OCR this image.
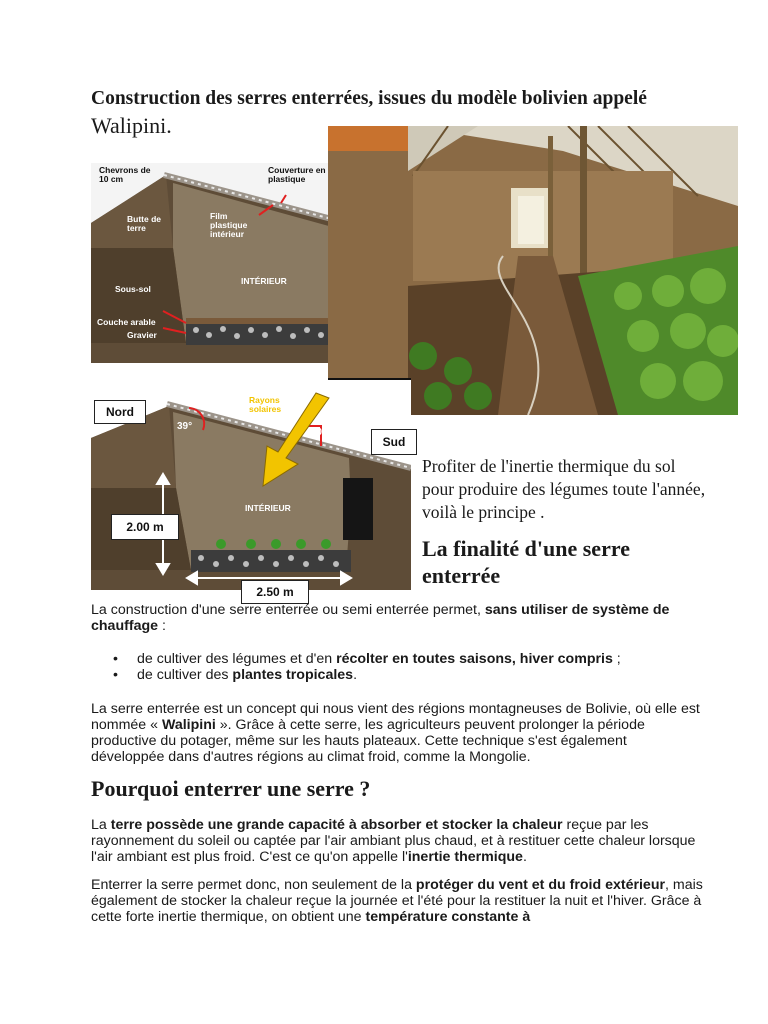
Construction des serres enterrées, issues du modèle bolivien appelé
Walipini.
Chevrons de 10 cm
Couverture en plastique
Butte de terre
Film plastique intérieur
INTÉRIEUR
Sous-sol
Couche arable
Gravier
Rayons solaires
39°
90°
INTÉRIEUR
Nord
Sud
2.00 m
2.50 m
Profiter de l'inertie thermique du sol pour produire des légumes toute l'année, voilà le principe .
La finalité d'une serre enterrée
La construction d'une serre enterrée ou semi enterrée permet, sans utiliser de système de chauffage :
• de cultiver des légumes et d'en récolter en toutes saisons, hiver compris ;
• de cultiver des plantes tropicales.
La serre enterrée est un concept qui nous vient des régions montagneuses de Bolivie, où elle est nommée « Walipini ». Grâce à cette serre, les agriculteurs peuvent prolonger la période productive du potager, même sur les hauts plateaux. Cette technique s'est également développée dans d'autres régions au climat froid, comme la Mongolie.
Pourquoi enterrer une serre ?
La terre possède une grande capacité à absorber et stocker la chaleur reçue par les rayonnement du soleil ou captée par l'air ambiant plus chaud, et à restituer cette chaleur lorsque l'air ambiant est plus froid. C'est ce qu'on appelle l'inertie thermique.
Enterrer la serre permet donc, non seulement de la protéger du vent et du froid extérieur, mais également de stocker la chaleur reçue la journée et l'été pour la restituer la nuit et l'hiver. Grâce à cette forte inertie thermique, on obtient une température constante à
